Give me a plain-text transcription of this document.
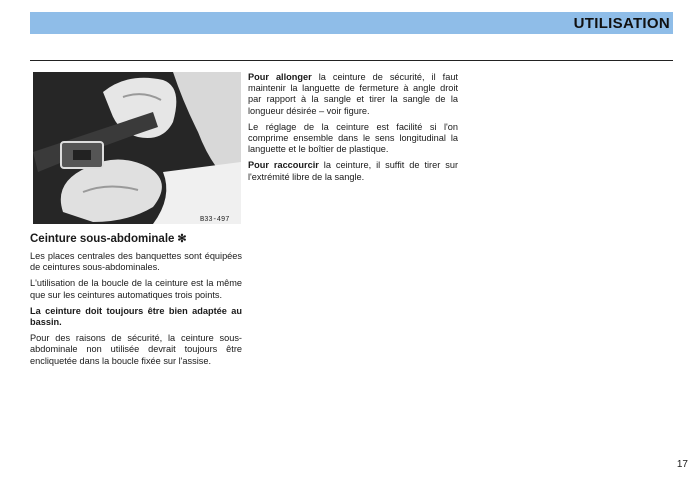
UTILISATION
B33-497
Ceinture sous-abdominale ✻

Les places centrales des banquettes sont équipées de ceintures sous-abdominales.

L'utilisation de la boucle de la ceinture est la même que sur les ceintures automatiques trois points.

La ceinture doit toujours être bien adaptée au bassin.

Pour des raisons de sécurité, la ceinture sous-abdominale non utilisée devrait toujours être encliquetée dans la boucle fixée sur l'assise.

Pour allonger la ceinture de sécurité, il faut maintenir la languette de fermeture à angle droit par rapport à la sangle et tirer la sangle de la longueur désirée – voir figure.

Le réglage de la ceinture est facilité si l'on comprime ensemble dans le sens longitudinal la languette et le boîtier de plastique.

Pour raccourcir la ceinture, il suffit de tirer sur l'extrémité libre de la sangle.

17
